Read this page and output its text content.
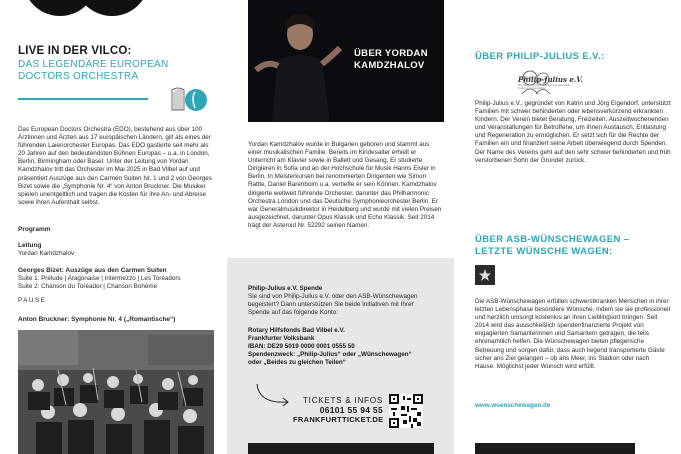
LIVE IN DER VILCO:
DAS LEGENDÄRE EUROPEAN DOCTORS ORCHESTRA

Das European Doctors Orchestra (EDO), bestehend aus über 100 Ärztinnen und Ärzten aus 17 europäischen Ländern, gilt als eines der führenden Laienorchester Europas. Das EDO gastierte seit mehr als 20 Jahren auf den bedeutendsten Bühnen Europas – u.a. in London, Berlin, Birmingham oder Basel. Unter der Leitung von Yordan Kamdzhalov tritt das Orchester im Mai 2025 in Bad Vilbel auf und präsentiert Auszüge aus den Carmen Suiten Nr. 1 und 2 von Georges Bizet sowie die „Symphonie Nr. 4“ von Anton Bruckner. Die Musiker spielen unentgeltlich und tragen die Kosten für ihre An- und Abreise sowie ihren Aufenthalt selbst.

Programm
Leitung
Yordan Kamdzhalov
Georges Bizet: Auszüge aus den Carmen Suiten
Suite 1: Prélude | Aragonaise | Intermezzo | Les Toréadors
Suite 2: Chanson du Toréador | Chanson Bohème
PAUSE
Anton Bruckner: Symphonie Nr. 4 („Romantische“)
ÜBER YORDAN KAMDZHALOV

Yordan Kamdzhalov wurde in Bulgarien geboren und stammt aus einer musikalischen Familie. Bereits im Kindesalter erhielt er Unterricht am Klavier sowie in Ballett und Gesang. Er studierte Dirigieren in Sofia und an der Hochschule für Musik Hanns Eisler in Berlin. In Meisterkursen bei renommierten Dirigenten wie Simon Rattle, Daniel Barenboim u.a. vertiefte er sein Können. Kamdzhalov dirigierte weltweit führende Orchester, darunter das Philharmonic Orchestra London und das Deutsche Symphonieorchester Berlin. Er war Generalmusikdirektor in Heidelberg und wurde mit vielen Preisen ausgezeichnet, darunter Opus Klassik und Echo Klassik. Seit 2014 trägt der Asteroid Nr. 52292 seinen Namen.

Philip-Julius e.V. Spende

Sie sind von Philip-Julius e.V. oder den ASB-Wünschewagen begeistert? Dann unterstützen Sie beide Initiativen mit Ihrer Spende auf das folgende Konto:

Rotary Hilfsfonds Bad Vilbel e.V.
Frankfurter Volksbank
IBAN: DE29 5019 0000 0001 0555 50
Spendenzweck: „Philip-Julius“ oder „Wünschewagen“
oder „Beides zu gleichen Teilen“
TICKETS & INFOS
06101 55 94 55
FRANKFURTTICKET.DE
ÜBER PHILIP-JULIUS E.V.:
Philip-Julius e.V.
Für Familien schwerstkranker und sterbender Kinder und Jugendlicher

Philip-Julius e.V., gegründet von Katrin und Jörg Eigendorf, unterstützt Familien mit schwer behinderten oder lebensverkürzend erkrankten Kindern. Der Verein bietet Beratung, Freizeiten, Auszeitwochenenden und Veranstaltungen für Betroffene, um ihnen Austausch, Entlastung und Regeneration zu ermöglichen. Er setzt sich für die Rechte der Familien ein und finanziert seine Arbeit überwiegend durch Spenden. Der Name des Vereins geht auf den sehr schwer behinderten und früh verstorbenen Sohn der Gründer zurück.

ÜBER ASB-WÜNSCHEWAGEN – LETZTE WÜNSCHE WAGEN:

Die ASB-Wünschewagen erfüllen schwerstkranken Menschen in ihrer letzten Lebensphase besondere Wünsche, indem sie sie professionell und herzlich umsorgt kostenlos an ihren Lieblingsort bringen. Seit 2014 wird das ausschließlich spendenfinanzierte Projekt von engagierten Samariterinnen und Samaritern getragen, die teils ehrenamtlich helfen. Die Wünschewagen bieten pflegerische Betreuung und sorgen dafür, dass auch liegend transportierte Gäste sicher ans Ziel gelangen – ob ans Meer, ins Stadion oder nach Hause. Möglichst jeder Wunsch wird erfüllt.

www.wuenschewagen.de
